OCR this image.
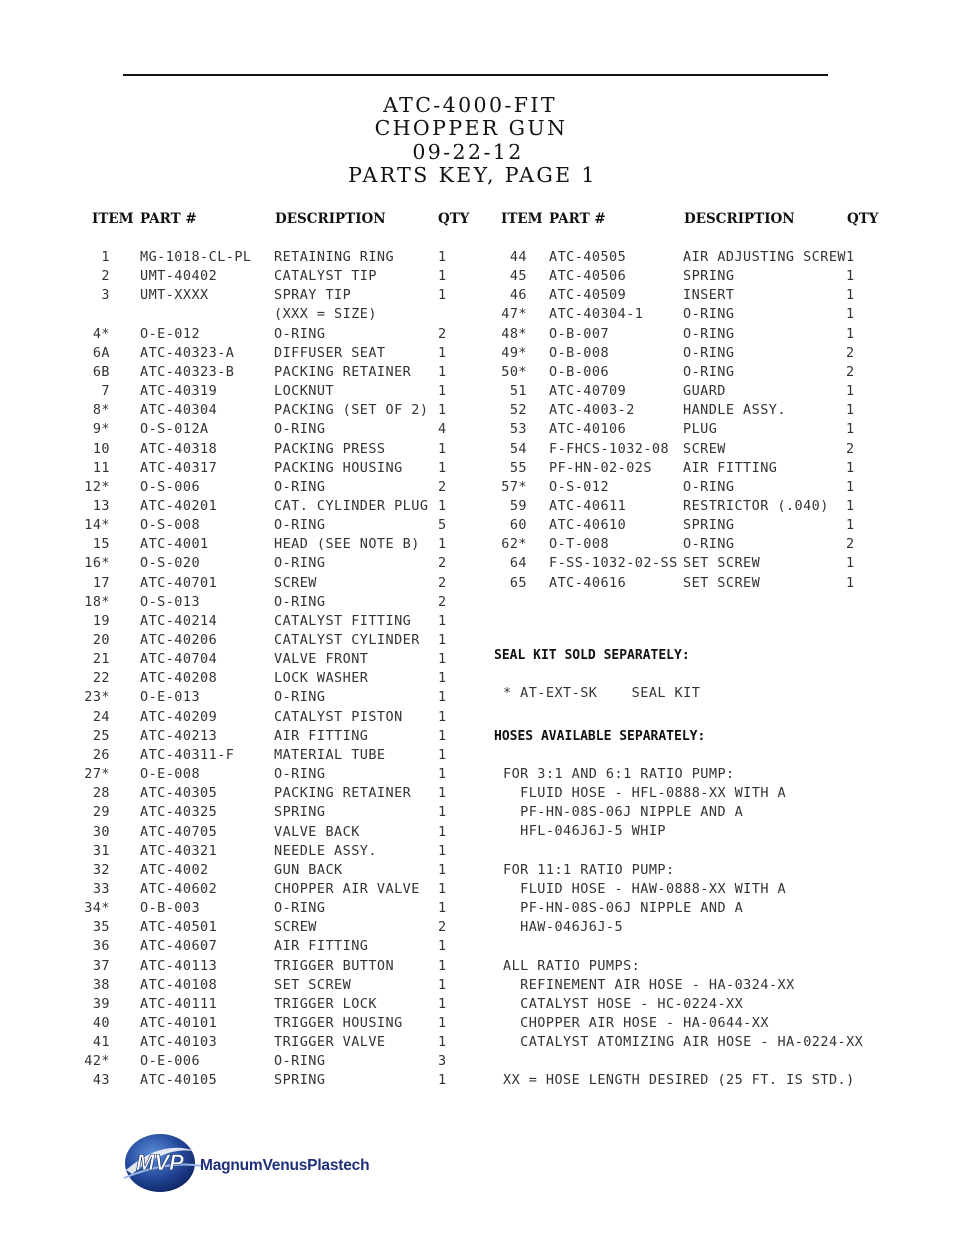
ATC-4000-FIT
CHOPPER GUN
09-22-12
PARTS KEY, PAGE 1
ITEM PART #	DESCRIPTION	QTY ITEM PART #	DESCRIPTION	QTY
1 MG-1018-CL-PL RETAINING RING	1
2 UMT-40402	CATALYST TIP	1
3 UMT-XXXX	SPRAY TIP	1
(XXX = SIZE)
4* O-E-012	O-RING	2
6A ATC-40323-A	DIFFUSER SEAT	1
6B ATC-40323-B	PACKING RETAINER 1
7 ATC-40319	LOCKNUT	1
8* ATC-40304	PACKING (SET OF 2) 1
9* O-S-012A	O-RING	4
10 ATC-40318	PACKING PRESS	1
11 ATC-40317	PACKING HOUSING	1
12* O-S-006	O-RING	2
13 ATC-40201	CAT. CYLINDER PLUG 1
14* O-S-008	O-RING	5
15 ATC-4001	HEAD (SEE NOTE B) 1
16* O-S-020	O-RING	2
17 ATC-40701	SCREW	2
18* O-S-013	O-RING	2
19 ATC-40214	CATALYST FITTING 1
20 ATC-40206	CATALYST CYLINDER 1
21 ATC-40704	VALVE FRONT	1
22 ATC-40208	LOCK WASHER	1
23* O-E-013	O-RING	1
24 ATC-40209	CATALYST PISTON	1
25 ATC-40213	AIR FITTING	1
26 ATC-40311-F	MATERIAL TUBE	1
27* O-E-008	O-RING	1
28 ATC-40305	PACKING RETAINER 1
29 ATC-40325	SPRING	1
30 ATC-40705	VALVE BACK	1
31 ATC-40321	NEEDLE ASSY.	1
32 ATC-4002	GUN BACK	1
33 ATC-40602	CHOPPER AIR VALVE 1
34* O-B-003	O-RING	1
35 ATC-40501	SCREW	2
36 ATC-40607	AIR FITTING	1
37 ATC-40113	TRIGGER BUTTON	1
38 ATC-40108	SET SCREW	1
39 ATC-40111	TRIGGER LOCK	1
40 ATC-40101	TRIGGER HOUSING	1
41 ATC-40103	TRIGGER VALVE	1
42* O-E-006	O-RING	3
43 ATC-40105	SPRING	1
44 ATC-40505	AIR ADJUSTING SCREW 1
45 ATC-40506	SPRING	1
46 ATC-40509	INSERT	1
47* ATC-40304-1	O-RING	1
48* O-B-007	O-RING	1
49* O-B-008	O-RING	2
50* O-B-006	O-RING	2
51 ATC-40709	GUARD	1
52 ATC-4003-2	HANDLE ASSY.	1
53 ATC-40106	PLUG	1
54 F-FHCS-1032-08 SCREW	2
55 PF-HN-02-02S AIR FITTING	1
57* O-S-012	O-RING	1
59 ATC-40611	RESTRICTOR (.040) 1
60 ATC-40610	SPRING	1
62* O-T-008	O-RING	2
64 F-SS-1032-02-SS SET SCREW	1
65 ATC-40616	SET SCREW	1
SEAL KIT SOLD SEPARATELY:
* AT-EXT-SK    SEAL KIT
HOSES AVAILABLE SEPARATELY:
FOR 3:1 AND 6:1 RATIO PUMP:
FLUID HOSE - HFL-0888-XX WITH A
PF-HN-08S-06J NIPPLE AND A
HFL-046J6J-5 WHIP
FOR 11:1 RATIO PUMP:
FLUID HOSE - HAW-0888-XX WITH A
PF-HN-08S-06J NIPPLE AND A
HAW-046J6J-5
ALL RATIO PUMPS:
REFINEMENT AIR HOSE - HA-0324-XX
CATALYST HOSE - HC-0224-XX
CHOPPER AIR HOSE - HA-0644-XX
CATALYST ATOMIZING AIR HOSE - HA-0224-XX
XX = HOSE LENGTH DESIRED (25 FT. IS STD.)
MVP MagnumVenusPlastech
